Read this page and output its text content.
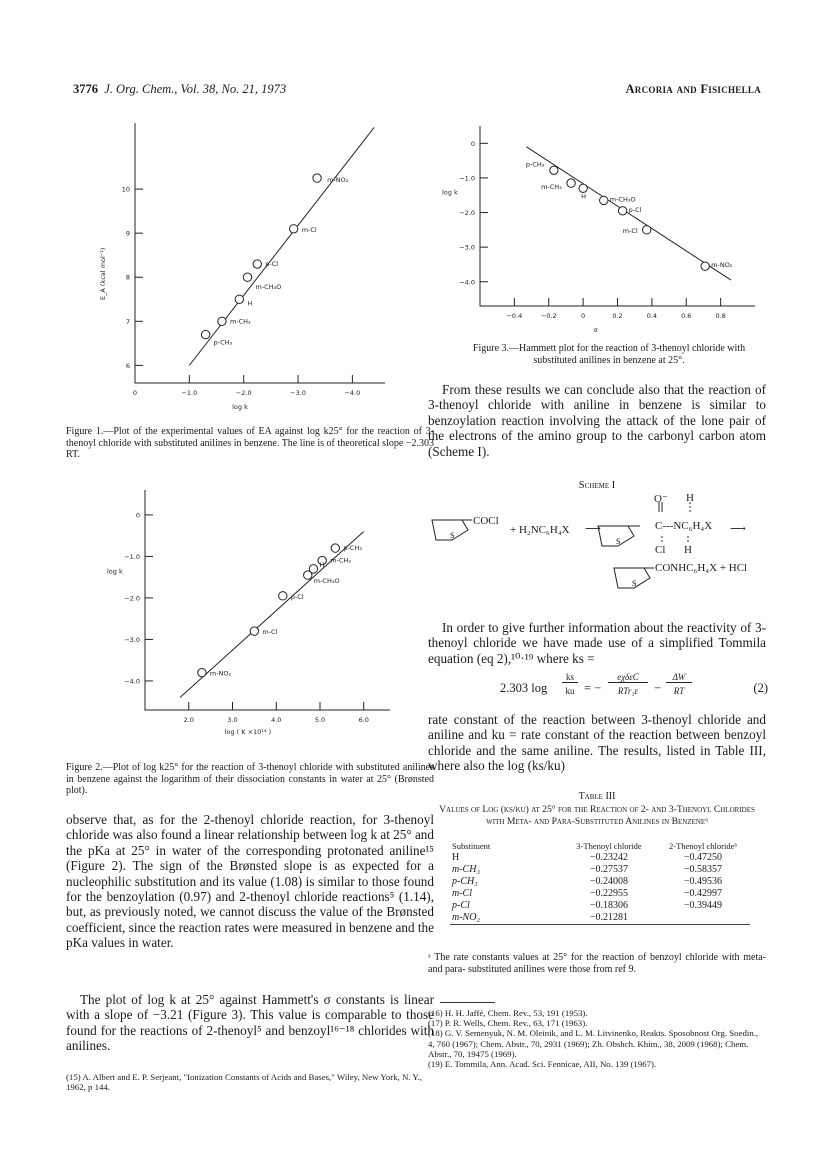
3776 J. Org. Chem., Vol. 38, No. 21, 1973	Arcoria and Fisichella
0	−1.0	−2.0	−3.0	−4.0
6
7
8
9
10
log k
E_A (kcal mol⁻¹)
m-NO₂
m-Cl
p-Cl
m-CH₃O
H
m-CH₃
p-CH₃
Figure 1.—Plot of the experimental values of EA against log k25° for the reaction of 3-thenoyl chloride with substituted anilines in benzene. The line is of theoretical slope −2.303 RT.
2.0	3.0	4.0	5.0	6.0
0
−1.0
−2.0
−3.0
−4.0
log ( K ×10¹⁴ )
log k
p-CH₃
m-CH₃
H
m-CH₃O
p-Cl
m-Cl
m-NO₂
Figure 2.—Plot of log k25° for the reaction of 3-thenoyl chloride with substituted anilines in benzene against the logarithm of their dissociation constants in water at 25° (Brønsted plot).
observe that, as for the 2-thenoyl chloride reaction, for 3-thenoyl chloride was also found a linear relationship between log k at 25° and the pKa at 25° in water of the corresponding protonated aniline¹⁵ (Figure 2). The sign of the Brønsted slope is as expected for a nucleophilic substitution and its value (1.08) is similar to those found for the benzoylation (0.97) and 2-thenoyl chloride reactions⁵ (1.14), but, as previously noted, we cannot discuss the value of the Brønsted coefficient, since the reaction rates were measured in benzene and the pKa values in water.
The plot of log k at 25° against Hammett's σ constants is linear with a slope of −3.21 (Figure 3). This value is comparable to those found for the reactions of 2-thenoyl⁵ and benzoyl¹⁶⁻¹⁸ chlorides with anilines.
(15) A. Albert and E. P. Serjeant, "Ionization Constants of Acids and Bases," Wiley, New York, N. Y., 1962, p 144.
−0.4	−0.2	0	0.2	0.4	0.6	0.8
0
−1.0
−2.0
−3.0
−4.0
σ
log k
p-CH₃
m-CH₃
H	m-CH₃O
p-Cl
m-Cl
m-NO₂
Figure 3.—Hammett plot for the reaction of 3-thenoyl chloride with substituted anilines in benzene at 25°.
From these results we can conclude also that the reaction of 3-thenoyl chloride with aniline in benzene is similar to benzoylation reaction involving the attack of the lone pair of the electrons of the amino group to the carbonyl carbon atom (Scheme I).
Scheme I
S
S
S
COCl
+ H₂NC₆H₄X ⟶
O⁻ H
C---NC₆H₄X ⟶
Cl H
CONHC₆H₄X + HCl
In order to give further information about the reactivity of 3-thenoyl chloride we have made use of a simplified Tommila equation (eq 2),¹⁰·¹⁹ where ks =
2.303 log
ks
ku = −
eχδεC
RTr₁ε	−
ΔW
RT	(2)
rate constant of the reaction between 3-thenoyl chloride and aniline and ku = rate constant of the reaction between benzoyl chloride and the same aniline. The results, listed in Table III, where also the log (ks/ku)
Table III
Values of Log (ks/ku) at 25° for the Reaction of 2- and 3-Thenoyl Chlorides with Meta- and Para-Substituted Anilines in Benzeneᵃ
Substituent	3-Thenoyl chloride	2-Thenoyl chlorideᵇ
H	−0.23242	−0.47250
m-CH₃	−0.27537	−0.58357
p-CH₃	−0.24008	−0.49536
m-Cl	−0.22955	−0.42997
p-Cl	−0.18306	−0.39449
m-NO₂	−0.21281	
ᵃ The rate constants values at 25° for the reaction of benzoyl chloride with meta- and para- substituted anilines were those from ref 9.
(16) H. H. Jaffé, Chem. Rev., 53, 191 (1953).
(17) P. R. Wells, Chem. Rev., 63, 171 (1963).
(18) G. V. Semenyuk, N. M. Oleinik, and L. M. Litvinenko, Reakts. Sposobnost Org. Soedin., 4, 760 (1967); Chem. Abstr., 70, 2931 (1969); Zh. Obshch. Khim., 38, 2009 (1968); Chem. Abstr., 70, 19475 (1969).
(19) E. Tommila, Ann. Acad. Sci. Fennicae, AII, No. 139 (1967).
